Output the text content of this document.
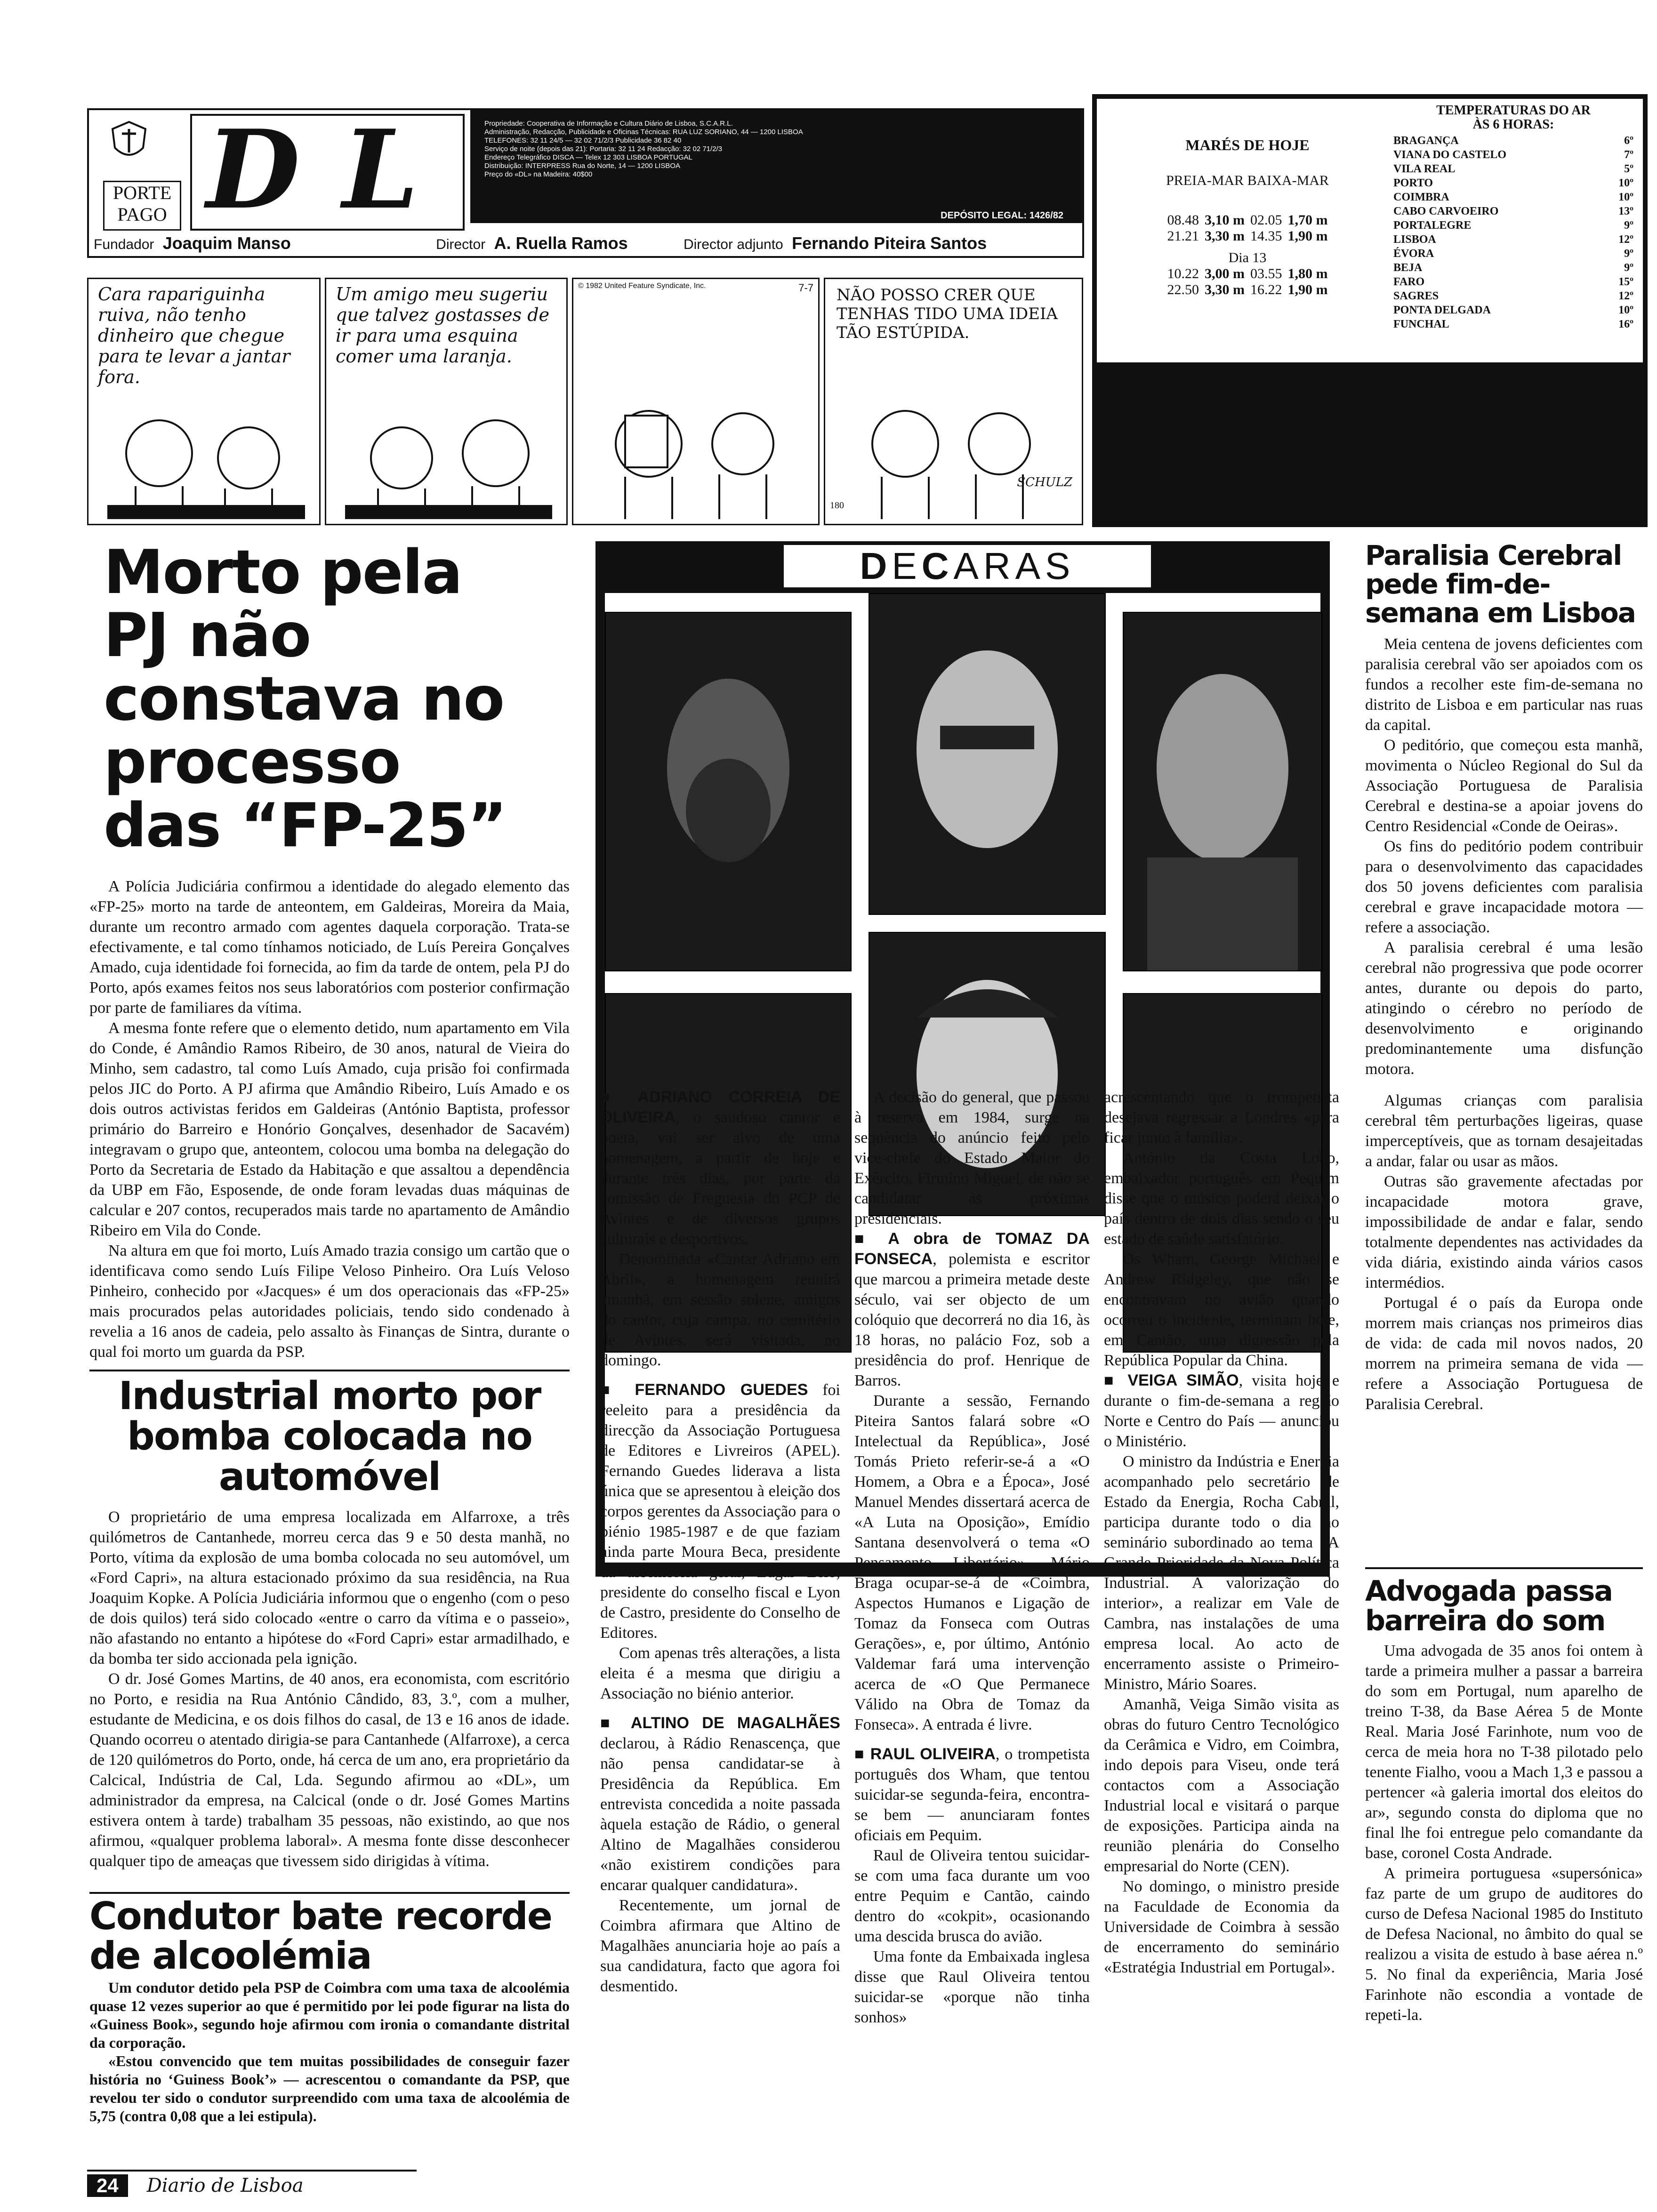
Propriedade: Cooperativa de Informação e Cultura Diário de Lisboa, S.C.A.R.L.
Administração, Redacção, Publicidade e Oficinas Técnicas: RUA LUZ SORIANO, 44 — 1200 LISBOA
TELEFONES: 32 11 24/5 — 32 02 71/2/3 Publicidade 36 82 40
Serviço de noite (depois das 21): Portaria: 32 11 24 Redacção: 32 02 71/2/3
Endereço Telegráfico DISCA — Telex 12 303 LISBOA PORTUGAL
Distribuição: INTERPRESS Rua do Norte, 14 — 1200 LISBOA
Preço do «DL» na Madeira: 40$00
DEPÓSITO LEGAL: 1426/82
PORTE
PAGO DL
Fundador Joaquim Manso	Director A. Ruella Ramos	Director adjunto Fernando Piteira Santos
MARÉS DE HOJE
PREIA-MAR BAIXA-MAR
08.48	3,10 m	02.05	1,70 m
21.21	3,30 m	14.35	1,90 m
Dia 13
10.22	3,00 m	03.55	1,80 m
22.50	3,30 m	16.22	1,90 m
TEMPERATURAS DO AR
ÀS 6 HORAS:
BRAGANÇA	6º
VIANA DO CASTELO	7º
VILA REAL	5º
PORTO	10º
COIMBRA	10º
CABO CARVOEIRO	13º
PORTALEGRE	9º
LISBOA	12º
ÉVORA	9º
BEJA	9º
FARO	15º
SAGRES	12º
PONTA DELGADA	10º
FUNCHAL	16º
Cara rapariguinha ruiva, não tenho dinheiro que chegue para te levar a jantar fora.
Um amigo meu sugeriu que talvez gostasses de ir para uma esquina comer uma laranja.
© 1982 United Feature Syndicate, Inc.	7-7	NÃO POSSO CRER QUE TENHAS TIDO UMA IDEIA TÃO ESTÚPIDA.
SCHULZ
180
Morto pela PJ não constava no processo das “FP-25”

A Polícia Judiciária confirmou a identidade do alegado elemento das «FP-25» morto na tarde de anteontem, em Galdeiras, Moreira da Maia, durante um recontro armado com agentes daquela corporação. Trata-se efectivamente, e tal como tínhamos noticiado, de Luís Pereira Gonçalves Amado, cuja identidade foi fornecida, ao fim da tarde de ontem, pela PJ do Porto, após exames feitos nos seus laboratórios com posterior confirmação por parte de familiares da vítima.

A mesma fonte refere que o elemento detido, num apartamento em Vila do Conde, é Amândio Ramos Ribeiro, de 30 anos, natural de Vieira do Minho, sem cadastro, tal como Luís Amado, cuja prisão foi confirmada pelos JIC do Porto. A PJ afirma que Amândio Ribeiro, Luís Amado e os dois outros activistas feridos em Galdeiras (António Baptista, professor primário do Barreiro e Honório Gonçalves, desenhador de Sacavém) integravam o grupo que, anteontem, colocou uma bomba na delegação do Porto da Secretaria de Estado da Habitação e que assaltou a dependência da UBP em Fão, Esposende, de onde foram levadas duas máquinas de calcular e 207 contos, recuperados mais tarde no apartamento de Amândio Ribeiro em Vila do Conde.

Na altura em que foi morto, Luís Amado trazia consigo um cartão que o identificava como sendo Luís Filipe Veloso Pinheiro. Ora Luís Veloso Pinheiro, conhecido por «Jacques» é um dos operacionais das «FP-25» mais procurados pelas autoridades policiais, tendo sido condenado à revelia a 16 anos de cadeia, pelo assalto às Finanças de Sintra, durante o qual foi morto um guarda da PSP.

Industrial morto por bomba colocada no automóvel

O proprietário de uma empresa localizada em Alfarroxe, a três quilómetros de Cantanhede, morreu cerca das 9 e 50 desta manhã, no Porto, vítima da explosão de uma bomba colocada no seu automóvel, um «Ford Capri», na altura estacionado próximo da sua residência, na Rua Joaquim Kopke. A Polícia Judiciária informou que o engenho (com o peso de dois quilos) terá sido colocado «entre o carro da vítima e o passeio», não afastando no entanto a hipótese do «Ford Capri» estar armadilhado, e da bomba ter sido accionada pela ignição.

O dr. José Gomes Martins, de 40 anos, era economista, com escritório no Porto, e residia na Rua António Cândido, 83, 3.º, com a mulher, estudante de Medicina, e os dois filhos do casal, de 13 e 16 anos de idade. Quando ocorreu o atentado dirigia-se para Cantanhede (Alfarroxe), a cerca de 120 quilómetros do Porto, onde, há cerca de um ano, era proprietário da Calcical, Indústria de Cal, Lda. Segundo afirmou ao «DL», um administrador da empresa, na Calcical (onde o dr. José Gomes Martins estivera ontem à tarde) trabalham 35 pessoas, não existindo, ao que nos afirmou, «qualquer problema laboral». A mesma fonte disse desconhecer qualquer tipo de ameaças que tivessem sido dirigidas à vítima.

Condutor bate recorde de alcoolémia

Um condutor detido pela PSP de Coimbra com uma taxa de alcoolémia quase 12 vezes superior ao que é permitido por lei pode figurar na lista do «Guiness Book», segundo hoje afirmou com ironia o comandante distrital da corporação.

«Estou convencido que tem muitas possibilidades de conseguir fazer história no ‘Guiness Book’» — acrescentou o comandante da PSP, que revelou ter sido o condutor surpreendido com uma taxa de alcoolémia de 5,75 (contra 0,08 que a lei estipula).

24	Diario de Lisboa
D E C A R A S

■ ADRIANO CORREIA DE OLIVEIRA, o saudoso cantor e poeta, vai ser alvo de uma homenagem, a partir de hoje e durante três dias, por parte da comissão de Freguesia do PCP de Avintes e de diversos grupos culturais e desportivos.

Denominada «Cantar Adriano em Abril», a homenagem reunirá amanhã, em sessão solene, amigos do cantor, cuja campa, no cemitério de Avintes, será visitada, no domingo.

■ FERNANDO GUEDES foi reeleito para a presidência da direcção da Associação Portuguesa de Editores e Livreiros (APEL). Fernando Guedes liderava a lista única que se apresentou à eleição dos corpos gerentes da Associação para o biénio 1985-1987 e de que faziam ainda parte Moura Beca, presidente da assembleia geral, Edgar Lelo, presidente do conselho fiscal e Lyon de Castro, presidente do Conselho de Editores.

Com apenas três alterações, a lista eleita é a mesma que dirigiu a Associação no biénio anterior.

■ ALTINO DE MAGALHÃES declarou, à Rádio Renascença, que não pensa candidatar-se à Presidência da República. Em entrevista concedida a noite passada àquela estação de Rádio, o general Altino de Magalhães considerou «não existirem condições para encarar qualquer candidatura».

Recentemente, um jornal de Coimbra afirmara que Altino de Magalhães anunciaria hoje ao país a sua candidatura, facto que agora foi desmentido.

A decisão do general, que passou à reserva em 1984, surge na sequência do anúncio feito pelo vice-chefe do Estado Maior do Exército, Firmino Miguel, de não se candidatar às próximas presidenciais.

■ A obra de TOMAZ DA FONSECA, polemista e escritor que marcou a primeira metade deste século, vai ser objecto de um colóquio que decorrerá no dia 16, às 18 horas, no palácio Foz, sob a presidência do prof. Henrique de Barros.

Durante a sessão, Fernando Piteira Santos falará sobre «O Intelectual da República», José Tomás Prieto referir-se-á a «O Homem, a Obra e a Época», José Manuel Mendes dissertará acerca de «A Luta na Oposição», Emídio Santana desenvolverá o tema «O Pensamento Libertário», Mário Braga ocupar-se-á de «Coimbra, Aspectos Humanos e Ligação de Tomaz da Fonseca com Outras Gerações», e, por último, António Valdemar fará uma intervenção acerca de «O Que Permanece Válido na Obra de Tomaz da Fonseca». A entrada é livre.

■ RAUL OLIVEIRA, o trompetista português dos Wham, que tentou suicidar-se segunda-feira, encontra-se bem — anunciaram fontes oficiais em Pequim.

Raul de Oliveira tentou suicidar-se com uma faca durante um voo entre Pequim e Cantão, caindo dentro do «cokpit», ocasionando uma descida brusca do avião.

Uma fonte da Embaixada inglesa disse que Raul Oliveira tentou suicidar-se «porque não tinha sonhos»

acrescentando que o trompetista desejava regressar a Londres «para ficar junto à família».

António da Costa Lobo, embaixador português em Pequim disse que o músico poderá deixar o país dentro de dois dias sendo o seu estado de saúde satisfatório.

Os Wham, George Michael e Andrew Ridgeley, que não se encontravam no avião quando ocorreu o incidente, terminam hoje, em Cantão, uma digressão pela República Popular da China.

■ VEIGA SIMÃO, visita hoje e durante o fim-de-semana a região Norte e Centro do País — anunciou o Ministério.

O ministro da Indústria e Energia acompanhado pelo secretário de Estado da Energia, Rocha Cabral, participa durante todo o dia no seminário subordinado ao tema «A Grande Prioridade da Nova Política Industrial. A valorização do interior», a realizar em Vale de Cambra, nas instalações de uma empresa local. Ao acto de encerramento assiste o Primeiro-Ministro, Mário Soares.

Amanhã, Veiga Simão visita as obras do futuro Centro Tecnológico da Cerâmica e Vidro, em Coimbra, indo depois para Viseu, onde terá contactos com a Associação Industrial local e visitará o parque de exposições. Participa ainda na reunião plenária do Conselho empresarial do Norte (CEN).

No domingo, o ministro preside na Faculdade de Economia da Universidade de Coimbra à sessão de encerramento do seminário «Estratégia Industrial em Portugal».

Paralisia Cerebral pede fim-de-semana em Lisboa

Meia centena de jovens deficientes com paralisia cerebral vão ser apoiados com os fundos a recolher este fim-de-semana no distrito de Lisboa e em particular nas ruas da capital.

O peditório, que começou esta manhã, movimenta o Núcleo Regional do Sul da Associação Portuguesa de Paralisia Cerebral e destina-se a apoiar jovens do Centro Residencial «Conde de Oeiras».

Os fins do peditório podem contribuir para o desenvolvimento das capacidades dos 50 jovens deficientes com paralisia cerebral e grave incapacidade motora — refere a associação.

A paralisia cerebral é uma lesão cerebral não progressiva que pode ocorrer antes, durante ou depois do parto, atingindo o cérebro no período de desenvolvimento e originando predominantemente uma disfunção motora.

Algumas crianças com paralisia cerebral têm perturbações ligeiras, quase imperceptíveis, que as tornam desajeitadas a andar, falar ou usar as mãos.

Outras são gravemente afectadas por incapacidade motora grave, impossibilidade de andar e falar, sendo totalmente dependentes nas actividades da vida diária, existindo ainda vários casos intermédios.

Portugal é o país da Europa onde morrem mais crianças nos primeiros dias de vida: de cada mil novos nados, 20 morrem na primeira semana de vida — refere a Associação Portuguesa de Paralisia Cerebral.

Advogada passa barreira do som

Uma advogada de 35 anos foi ontem à tarde a primeira mulher a passar a barreira do som em Portugal, num aparelho de treino T-38, da Base Aérea 5 de Monte Real. Maria José Farinhote, num voo de cerca de meia hora no T-38 pilotado pelo tenente Fialho, voou a Mach 1,3 e passou a pertencer «à galeria imortal dos eleitos do ar», segundo consta do diploma que no final lhe foi entregue pelo comandante da base, coronel Costa Andrade.

A primeira portuguesa «supersónica» faz parte de um grupo de auditores do curso de Defesa Nacional 1985 do Instituto de Defesa Nacional, no âmbito do qual se realizou a visita de estudo à base aérea n.º 5. No final da experiência, Maria José Farinhote não escondia a vontade de repeti-la.
